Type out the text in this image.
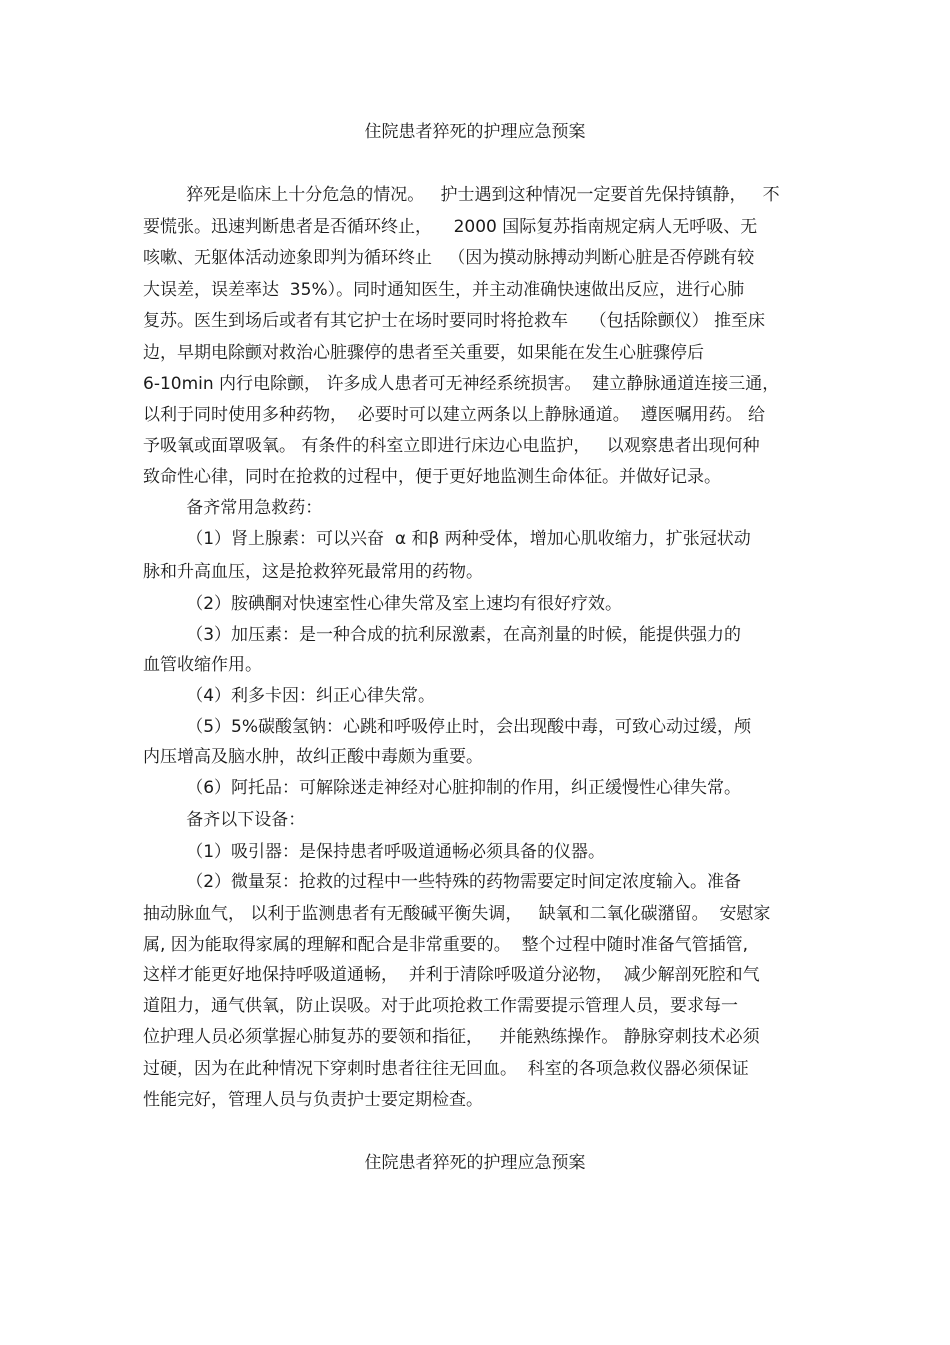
住院患者猝死的护理应急预案
猝死是临床上十分危急的情况。   护士遇到这种情况一定要首先保持镇静，   不
要慌张。迅速判断患者是否循环终止，    2000 国际复苏指南规定病人无呼吸、无
咳嗽、无躯体活动迹象即判为循环终止   （因为摸动脉搏动判断心脏是否停跳有较
大误差，误差率达  35%）。同时通知医生，并主动准确快速做出反应，进行心肺
复苏。医生到场后或者有其它护士在场时要同时将抢救车    （包括除颤仪） 推至床
边，早期电除颤对救治心脏骤停的患者至关重要，如果能在发生心脏骤停后
6-10min 内行电除颤， 许多成人患者可无神经系统损害。  建立静脉通道连接三通，
以利于同时使用多种药物，  必要时可以建立两条以上静脉通道。  遵医嘱用药。 给
予吸氧或面罩吸氧。 有条件的科室立即进行床边心电监护，   以观察患者出现何种
致命性心律，同时在抢救的过程中，便于更好地监测生命体征。并做好记录。
备齐常用急救药：
（1）肾上腺素：可以兴奋  α 和β 两种受体，增加心肌收缩力，扩张冠状动
脉和升高血压，这是抢救猝死最常用的药物。
（2）胺碘酮对快速室性心律失常及室上速均有很好疗效。
（3）加压素：是一种合成的抗利尿激素，在高剂量的时候，能提供强力的
血管收缩作用。
（4）利多卡因：纠正心律失常。
（5）5%碳酸氢钠：心跳和呼吸停止时，会出现酸中毒，可致心动过缓，颅
内压增高及脑水肿，故纠正酸中毒颇为重要。
（6）阿托品：可解除迷走神经对心脏抑制的作用，纠正缓慢性心律失常。
备齐以下设备：
（1）吸引器：是保持患者呼吸道通畅必须具备的仪器。
（2）微量泵：抢救的过程中一些特殊的药物需要定时间定浓度输入。准备
抽动脉血气， 以利于监测患者有无酸碱平衡失调，   缺氧和二氧化碳潴留。  安慰家
属, 因为能取得家属的理解和配合是非常重要的。  整个过程中随时准备气管插管,
这样才能更好地保持呼吸道通畅，  并利于清除呼吸道分泌物，  减少解剖死腔和气
道阻力，通气供氧，防止误吸。对于此项抢救工作需要提示管理人员，要求每一
位护理人员必须掌握心肺复苏的要领和指征，   并能熟练操作。 静脉穿刺技术必须
过硬，因为在此种情况下穿刺时患者往往无回血。  科室的各项急救仪器必须保证
性能完好，管理人员与负责护士要定期检查。
住院患者猝死的护理应急预案
